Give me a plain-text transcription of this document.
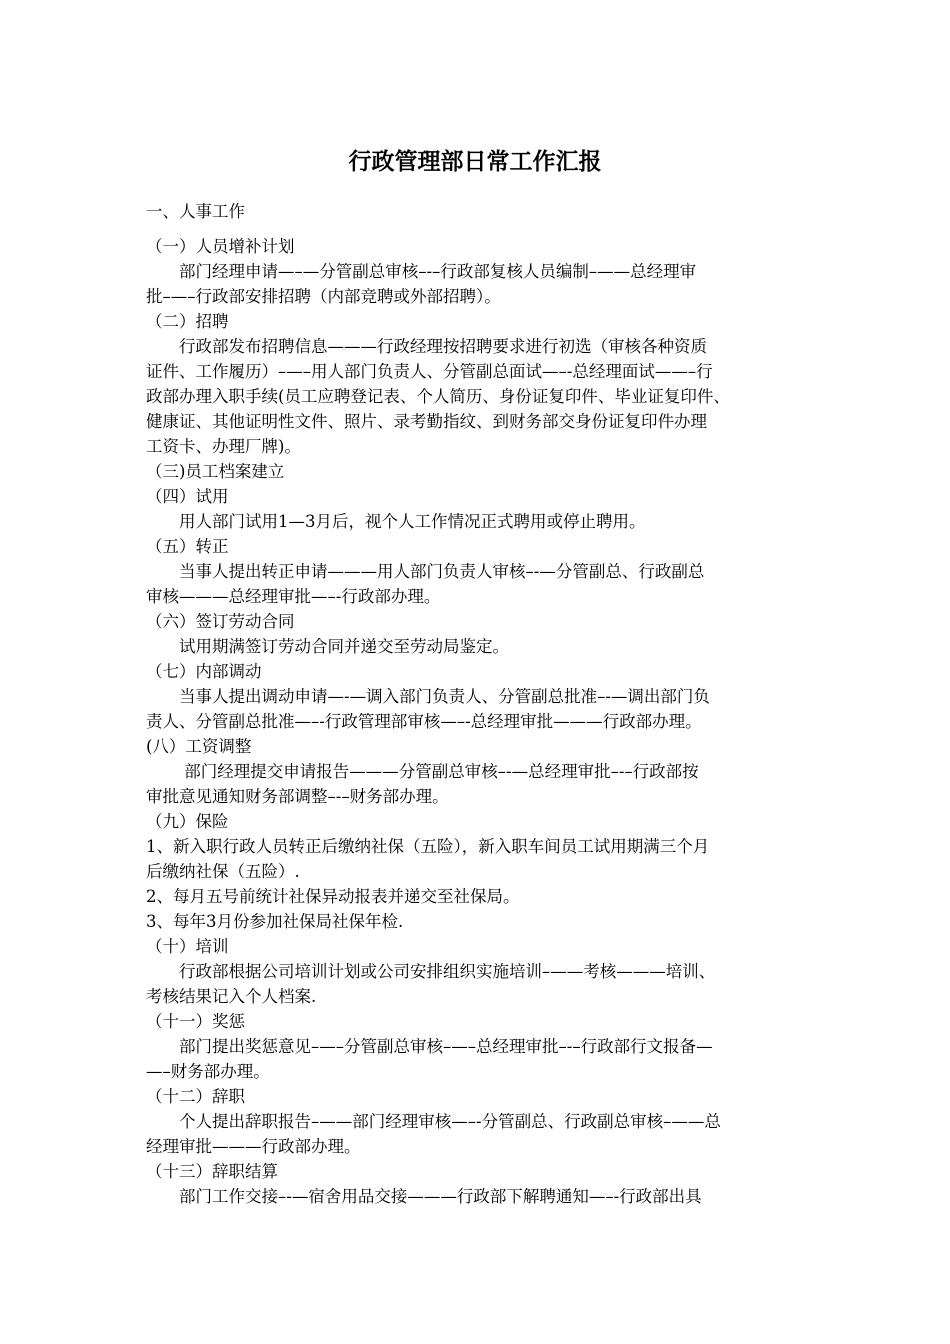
行政管理部日常工作汇报
一、人事工作
（一）人员增补计划
　　部门经理申请—–—分管副总审核–-–行政部复核人员编制–——总经理审
批–—–行政部安排招聘（内部竞聘或外部招聘）。
（二）招聘
　　行政部发布招聘信息———行政经理按招聘要求进行初选（审核各种资质
证件、工作履历）–—–用人部门负责人、分管副总面试—–-总经理面试——–行
政部办理入职手续(员工应聘登记表、个人简历、身份证复印件、毕业证复印件、
健康证、其他证明性文件、照片、录考勤指纹、到财务部交身份证复印件办理
工资卡、办理厂牌)。
（三)员工档案建立
（四）试用
　　用人部门试用1—3月后，视个人工作情况正式聘用或停止聘用。
（五）转正
　　当事人提出转正申请———用人部门负责人审核–-—分管副总、行政副总
审核———总经理审批—–-行政部办理。
（六）签订劳动合同
　　试用期满签订劳动合同并递交至劳动局鉴定。
（七）内部调动
　　当事人提出调动申请—-—调入部门负责人、分管副总批准–-—调出部门负
责人、分管副总批准—–-行政管理部审核—–-总经理审批———行政部办理。
(八）工资调整
　　 部门经理提交申请报告———分管副总审核–-—总经理审批–-–行政部按
审批意见通知财务部调整–-–财务部办理。
（九）保险
1、新入职行政人员转正后缴纳社保（五险），新入职车间员工试用期满三个月
后缴纳社保（五险）.
2、每月五号前统计社保异动报表并递交至社保局。
3、每年3月份参加社保局社保年检.
（十）培训
　　行政部根据公司培训计划或公司安排组织实施培训–——考核———培训、
考核结果记入个人档案.
（十一）奖惩
　　部门提出奖惩意见–—–分管副总审核–—–总经理审批–-–行政部行文报备—
—–财务部办理。
（十二）辞职
　　个人提出辞职报告–——部门经理审核—–-分管副总、行政副总审核–——总
经理审批———行政部办理。
（十三）辞职结算
　　部门工作交接–-—宿舍用品交接———行政部下解聘通知—–-行政部出具
